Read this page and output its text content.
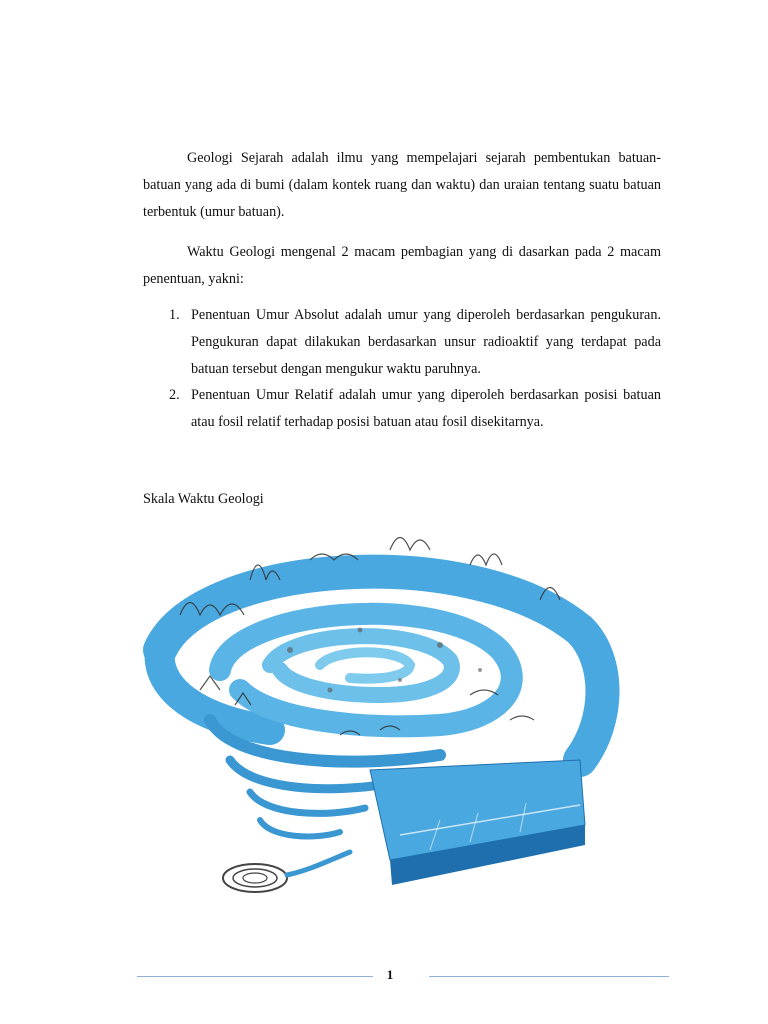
Geologi Sejarah adalah ilmu yang mempelajari sejarah pembentukan batuan-batuan yang ada di bumi (dalam kontek ruang dan waktu) dan uraian tentang suatu batuan terbentuk (umur batuan).

Waktu Geologi mengenal 2 macam pembagian yang di dasarkan pada 2 macam penentuan, yakni:

1. Penentuan Umur Absolut adalah umur yang diperoleh berdasarkan pengukuran. Pengukuran dapat dilakukan berdasarkan unsur radioaktif yang terdapat pada batuan tersebut dengan mengukur waktu paruhnya.
2. Penentuan Umur Relatif adalah umur yang diperoleh berdasarkan posisi batuan atau fosil relatif terhadap posisi batuan atau fosil disekitarnya.

Skala Waktu Geologi

1
